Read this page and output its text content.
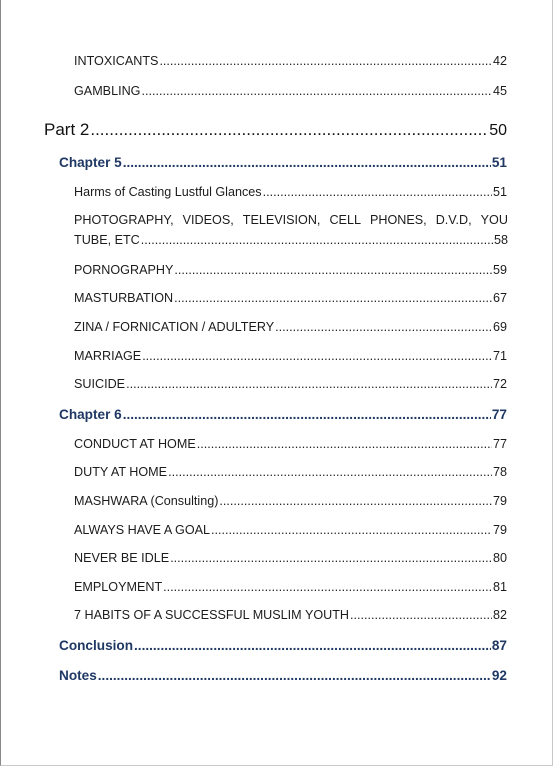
INTOXICANTS .....	42
GAMBLING .....	45
Part 2 .....	50
Chapter 5 .....	51
Harms of Casting Lustful Glances .....	51
PHOTOGRAPHY, VIDEOS, TELEVISION, CELL PHONES, D.V.D, YOU
TUBE, ETC .....	58
PORNOGRAPHY .....	59
MASTURBATION .....	67
ZINA / FORNICATION / ADULTERY .....	69
MARRIAGE .....	71
SUICIDE .....	72
Chapter 6 .....	77
CONDUCT AT HOME .....	77
DUTY AT HOME .....	78
MASHWARA (Consulting) .....	79
ALWAYS HAVE A GOAL .....	79
NEVER BE IDLE .....	80
EMPLOYMENT .....	81
7 HABITS OF A SUCCESSFUL MUSLIM YOUTH .....	82
Conclusion .....	87
Notes .....	92
